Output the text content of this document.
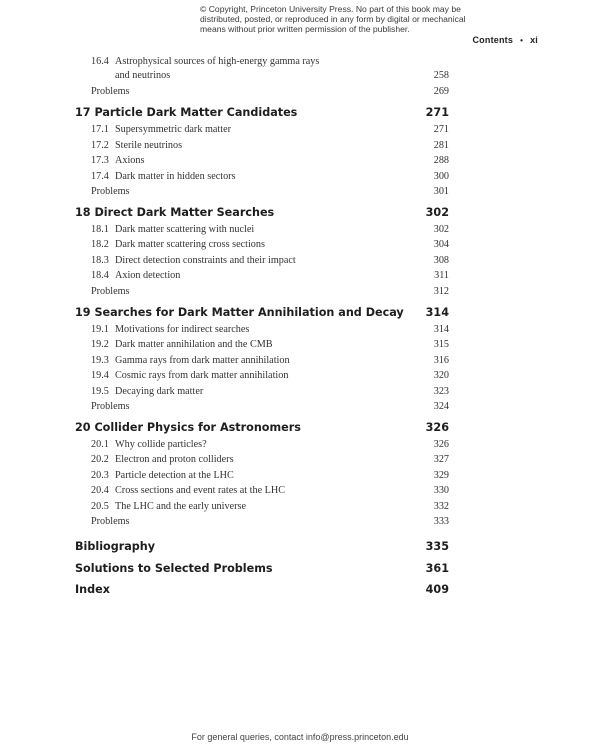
© Copyright, Princeton University Press. No part of this book may be
distributed, posted, or reproduced in any form by digital or mechanical
means without prior written permission of the publisher.
Contents • xi
16.4 Astrophysical sources of high-energy gamma rays
and neutrinos	258
Problems	269
17 Particle Dark Matter Candidates	271
17.1 Supersymmetric dark matter	271
17.2 Sterile neutrinos	281
17.3 Axions	288
17.4 Dark matter in hidden sectors	300
Problems	301
18 Direct Dark Matter Searches	302
18.1 Dark matter scattering with nuclei	302
18.2 Dark matter scattering cross sections	304
18.3 Direct detection constraints and their impact	308
18.4 Axion detection	311
Problems	312
19 Searches for Dark Matter Annihilation and Decay 314
19.1 Motivations for indirect searches	314
19.2 Dark matter annihilation and the CMB	315
19.3 Gamma rays from dark matter annihilation	316
19.4 Cosmic rays from dark matter annihilation	320
19.5 Decaying dark matter	323
Problems	324
20 Collider Physics for Astronomers	326
20.1 Why collide particles?	326
20.2 Electron and proton colliders	327
20.3 Particle detection at the LHC	329
20.4 Cross sections and event rates at the LHC	330
20.5 The LHC and the early universe	332
Problems	333
Bibliography	335
Solutions to Selected Problems	361
Index	409
For general queries, contact info@press.princeton.edu
